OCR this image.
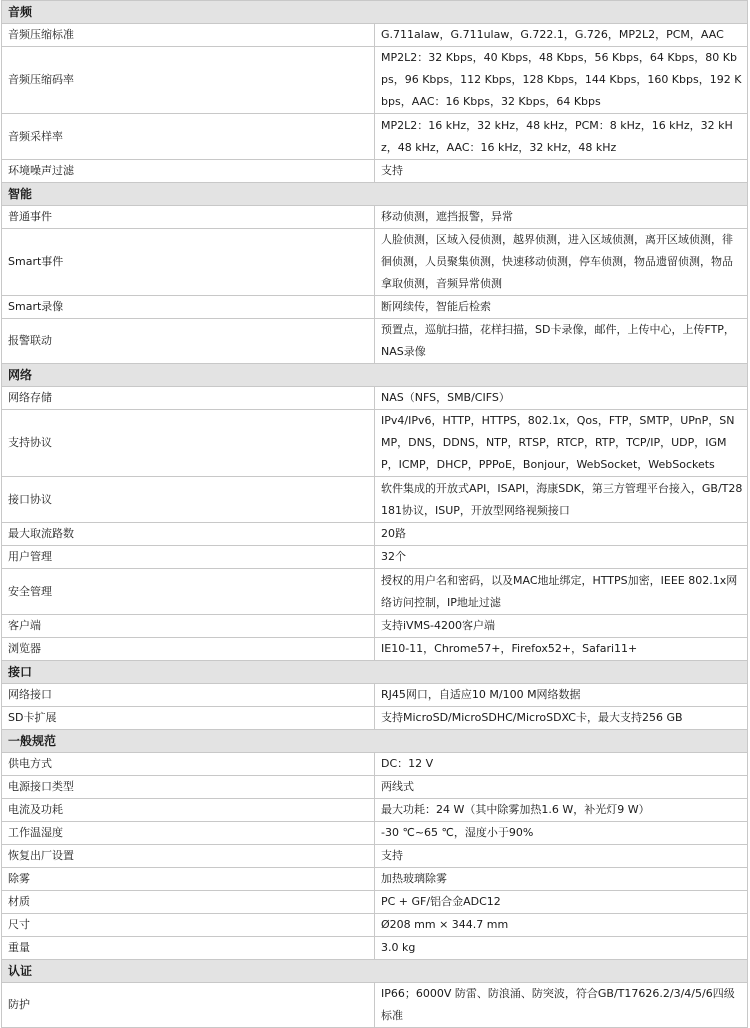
音频	
音频压缩标准	G.711alaw，G.711ulaw，G.722.1，G.726，MP2L2，PCM，AAC
音频压缩码率	MP2L2：32 Kbps，40 Kbps，48 Kbps，56 Kbps，64 Kbps，80 Kbps，96 Kbps，112 Kbps，128 Kbps，144 Kbps，160 Kbps，192 Kbps，AAC：16 Kbps，32 Kbps，64 Kbps
音频采样率	MP2L2：16 kHz，32 kHz，48 kHz，PCM：8 kHz，16 kHz，32 kHz，48 kHz，AAC：16 kHz，32 kHz，48 kHz
环境噪声过滤	支持
智能	
普通事件	移动侦测，遮挡报警，异常
Smart事件	人脸侦测，区域入侵侦测，越界侦测，进入区域侦测，离开区域侦测，徘徊侦测，人员聚集侦测，快速移动侦测，停车侦测，物品遗留侦测，物品拿取侦测，音频异常侦测
Smart录像	断网续传，智能后检索
报警联动	预置点，巡航扫描，花样扫描，SD卡录像，邮件，上传中心，上传FTP，NAS录像
网络	
网络存储	NAS（NFS，SMB/CIFS）
支持协议	IPv4/IPv6，HTTP，HTTPS，802.1x，Qos，FTP，SMTP，UPnP，SNMP，DNS，DDNS，NTP，RTSP，RTCP，RTP，TCP/IP，UDP，IGMP，ICMP，DHCP，PPPoE，Bonjour，WebSocket，WebSockets
接口协议	软件集成的开放式API，ISAPI，海康SDK，第三方管理平台接入，GB/T28181协议，ISUP，开放型网络视频接口
最大取流路数	20路
用户管理	32个
安全管理	授权的用户名和密码，以及MAC地址绑定，HTTPS加密，IEEE 802.1x网络访问控制，IP地址过滤
客户端	支持iVMS-4200客户端
浏览器	IE10-11，Chrome57+，Firefox52+，Safari11+
接口	
网络接口	RJ45网口，自适应10 M/100 M网络数据
SD卡扩展	支持MicroSD/MicroSDHC/MicroSDXC卡，最大支持256 GB
一般规范	
供电方式	DC：12 V
电源接口类型	两线式
电流及功耗	最大功耗：24 W（其中除雾加热1.6 W，补光灯9 W）
工作温湿度	-30 ℃~65 ℃，湿度小于90%
恢复出厂设置	支持
除雾	加热玻璃除雾
材质	PC + GF/铝合金ADC12
尺寸	Ø208 mm × 344.7 mm
重量	3.0 kg
认证	
防护	IP66；6000V 防雷、防浪涌、防突波，符合GB/T17626.2/3/4/5/6四级标准
